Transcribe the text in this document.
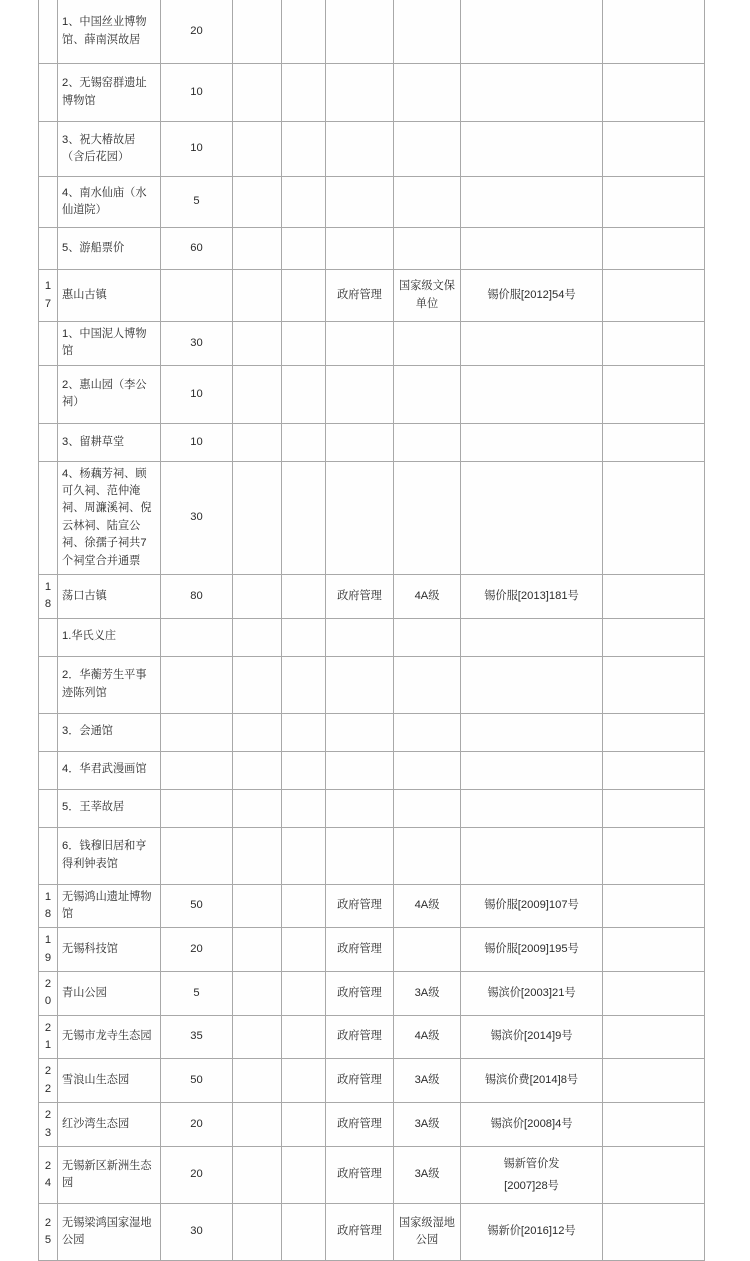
	1、中国丝业博物馆、薛南溟故居	20						
	2、无锡窑群遗址博物馆	10						
	3、祝大椿故居（含后花园）	10						
	4、南水仙庙（水仙道院）	5						
	5、游船票价	60						
17	惠山古镇				政府管理	国家级文保单位	锡价服[2012]54号	
	1、中国泥人博物馆	30						
	2、惠山园（李公祠）	10						
	3、留耕草堂	10						
	4、杨藕芳祠、顾可久祠、范仲淹祠、周濂溪祠、倪云林祠、陆宣公祠、徐孺子祠共7个祠堂合并通票	30						
18	荡口古镇	80			政府管理	4A级	锡价服[2013]181号	
	1.华氏义庄							
	2．华蘅芳生平事迹陈列馆							
	3．会通馆							
	4．华君武漫画馆							
	5．王莘故居							
	6．钱穆旧居和亨得利钟表馆							
18	无锡鸿山遗址博物馆	50			政府管理	4A级	锡价服[2009]107号	
19	无锡科技馆	20			政府管理		锡价服[2009]195号	
20	青山公园	5			政府管理	3A级	锡滨价[2003]21号	
21	无锡市龙寺生态园	35			政府管理	4A级	锡滨价[2014]9号	
22	雪浪山生态园	50			政府管理	3A级	锡滨价费[2014]8号	
23	红沙湾生态园	20			政府管理	3A级	锡滨价[2008]4号	
24	无锡新区新洲生态园	20			政府管理	3A级	锡新管价发
[2007]28号	

25	无锡梁鸿国家湿地公园	30			政府管理	国家级湿地公园	锡新价[2016]12号	
